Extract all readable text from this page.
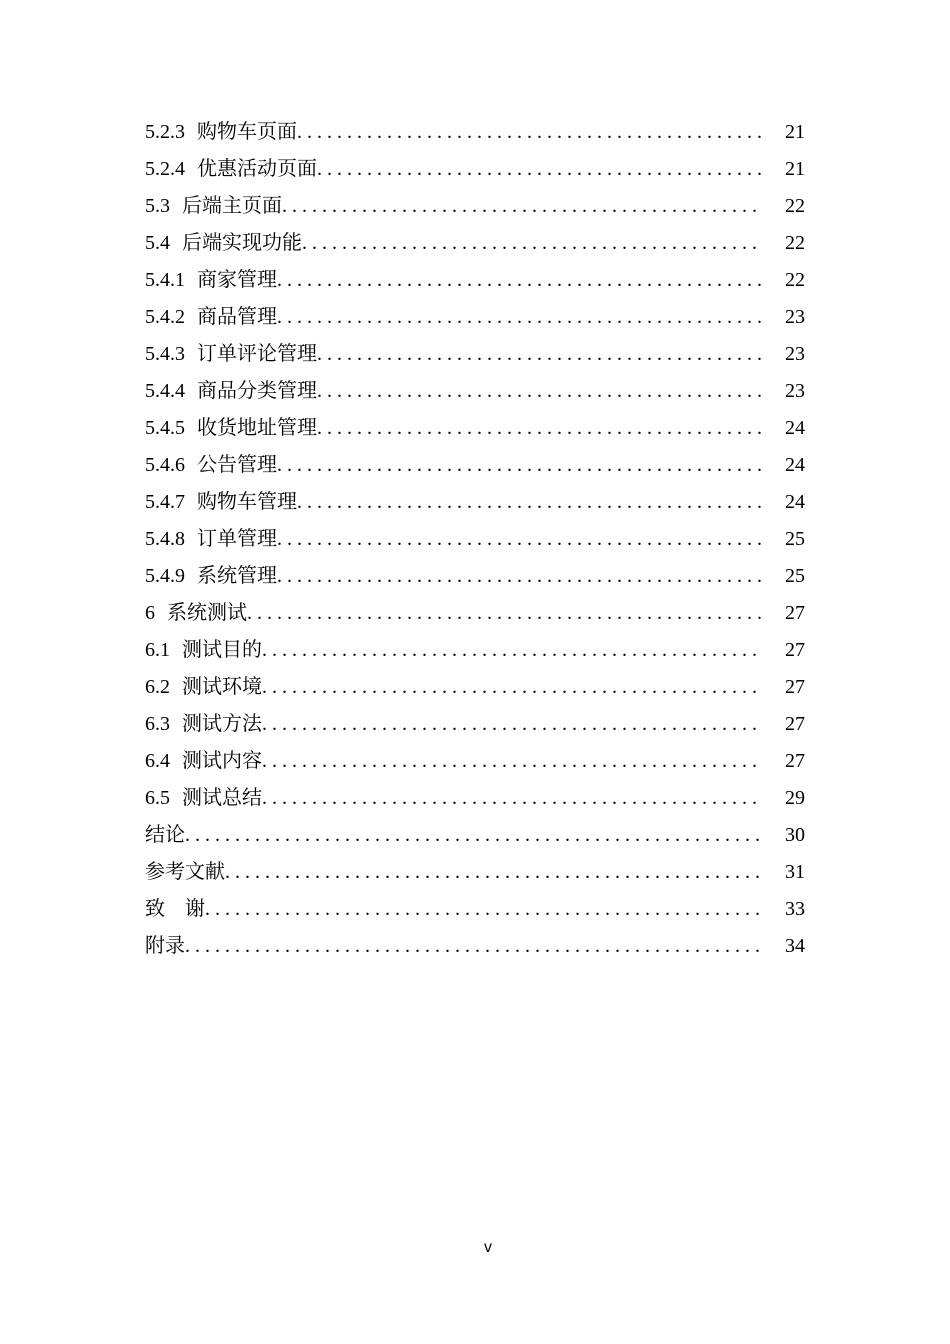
5.2.3 购物车页面 . . .	21
5.2.4 优惠活动页面 . . .	21
5.3 后端主页面 . . .	22
5.4 后端实现功能 . . .	22
5.4.1 商家管理 . . .	22
5.4.2 商品管理 . . .	23
5.4.3 订单评论管理 . . .	23
5.4.4 商品分类管理 . . .	23
5.4.5 收货地址管理 . . .	24
5.4.6 公告管理 . . .	24
5.4.7 购物车管理 . . .	24
5.4.8 订单管理 . . .	25
5.4.9 系统管理 . . .	25
6 系统测试 . . .	27
6.1 测试目的 . . .	27
6.2 测试环境 . . .	27
6.3 测试方法 . . .	27
6.4 测试内容 . . .	27
6.5 测试总结 . . .	29
结论 . . .	30
参考文献 . . .	31
致　谢 . . .	33
附录 . . .	34
v
